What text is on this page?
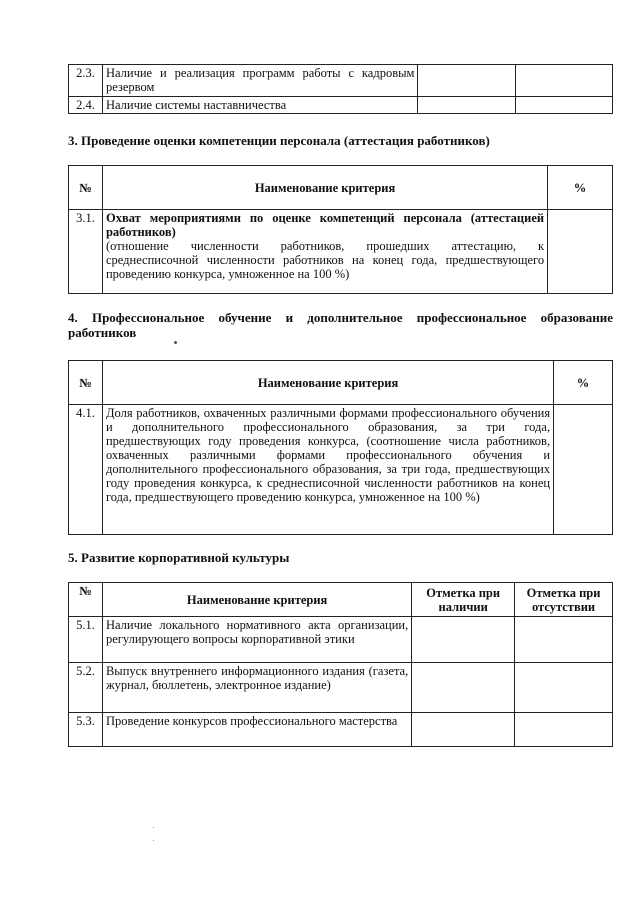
2.3.	Наличие и реализация программ работы с кадровым резервом		
2.4.	Наличие системы наставничества		
3. Проведение оценки компетенции персонала (аттестация работников)
№	Наименование критерия	%
3.1.	Охват мероприятиями по оценке компетенций персонала (аттестацией работников)
(отношение численности работников, прошедших аттестацию, к среднесписочной численности работников на конец года, предшествующего проведению конкурса, умноженное на 100 %)	

4. Профессиональное обучение и дополнительное профессиональное образование работников
№	Наименование критерия	%
4.1.	Доля работников, охваченных различными формами профессионального обучения и дополнительного профессионального образования, за три года, предшествующих году проведения конкурса, (соотношение числа работников, охваченных различными формами профессионального обучения и дополнительного профессионального образования, за три года, предшествующих году проведения конкурса, к среднесписочной численности работников на конец года, предшествующего проведению конкурса, умноженное на 100 %)	
5. Развитие корпоративной культуры
№	Наименование критерия	Отметка при наличии	Отметка при отсутствии
5.1.	Наличие локального нормативного акта организации, регулирующего вопросы корпоративной этики		
5.2.	Выпуск внутреннего информационного издания (газета, журнал, бюллетень, электронное издание)		
5.3.	Проведение конкурсов профессионального мастерства		
